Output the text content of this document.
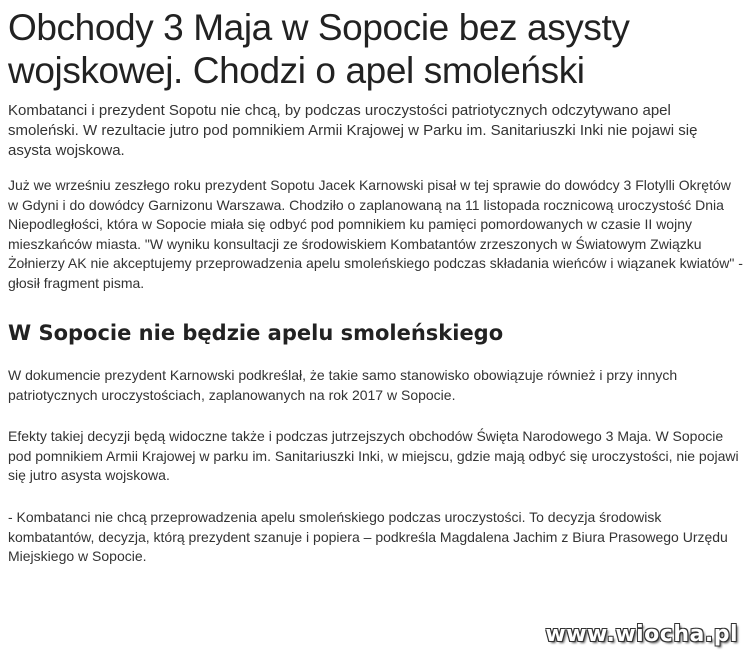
Obchody 3 Maja w Sopocie bez asysty wojskowej. Chodzi o apel smoleński

Kombatanci i prezydent Sopotu nie chcą, by podczas uroczystości patriotycznych odczytywano apel smoleński. W rezultacie jutro pod pomnikiem Armii Krajowej w Parku im. Sanitariuszki Inki nie pojawi się asysta wojskowa.

Już we wrześniu zeszłego roku prezydent Sopotu Jacek Karnowski pisał w tej sprawie do dowódcy 3 Flotylli Okrętów w Gdyni i do dowódcy Garnizonu Warszawa. Chodziło o zaplanowaną na 11 listopada rocznicową uroczystość Dnia Niepodległości, która w Sopocie miała się odbyć pod pomnikiem ku pamięci pomordowanych w czasie II wojny mieszkańców miasta. "W wyniku konsultacji ze środowiskiem Kombatantów zrzeszonych w Światowym Związku Żołnierzy AK nie akceptujemy przeprowadzenia apelu smoleńskiego podczas składania wieńców i wiązanek kwiatów" - głosił fragment pisma.

W Sopocie nie będzie apelu smoleńskiego

W dokumencie prezydent Karnowski podkreślał, że takie samo stanowisko obowiązuje również i przy innych patriotycznych uroczystościach, zaplanowanych na rok 2017 w Sopocie.

Efekty takiej decyzji będą widoczne także i podczas jutrzejszych obchodów Święta Narodowego 3 Maja. W Sopocie pod pomnikiem Armii Krajowej w parku im. Sanitariuszki Inki, w miejscu, gdzie mają odbyć się uroczystości, nie pojawi się jutro asysta wojskowa.

- Kombatanci nie chcą przeprowadzenia apelu smoleńskiego podczas uroczystości. To decyzja środowisk kombatantów, decyzja, którą prezydent szanuje i popiera – podkreśla Magdalena Jachim z Biura Prasowego Urzędu Miejskiego w Sopocie.

www.wiocha.pl
